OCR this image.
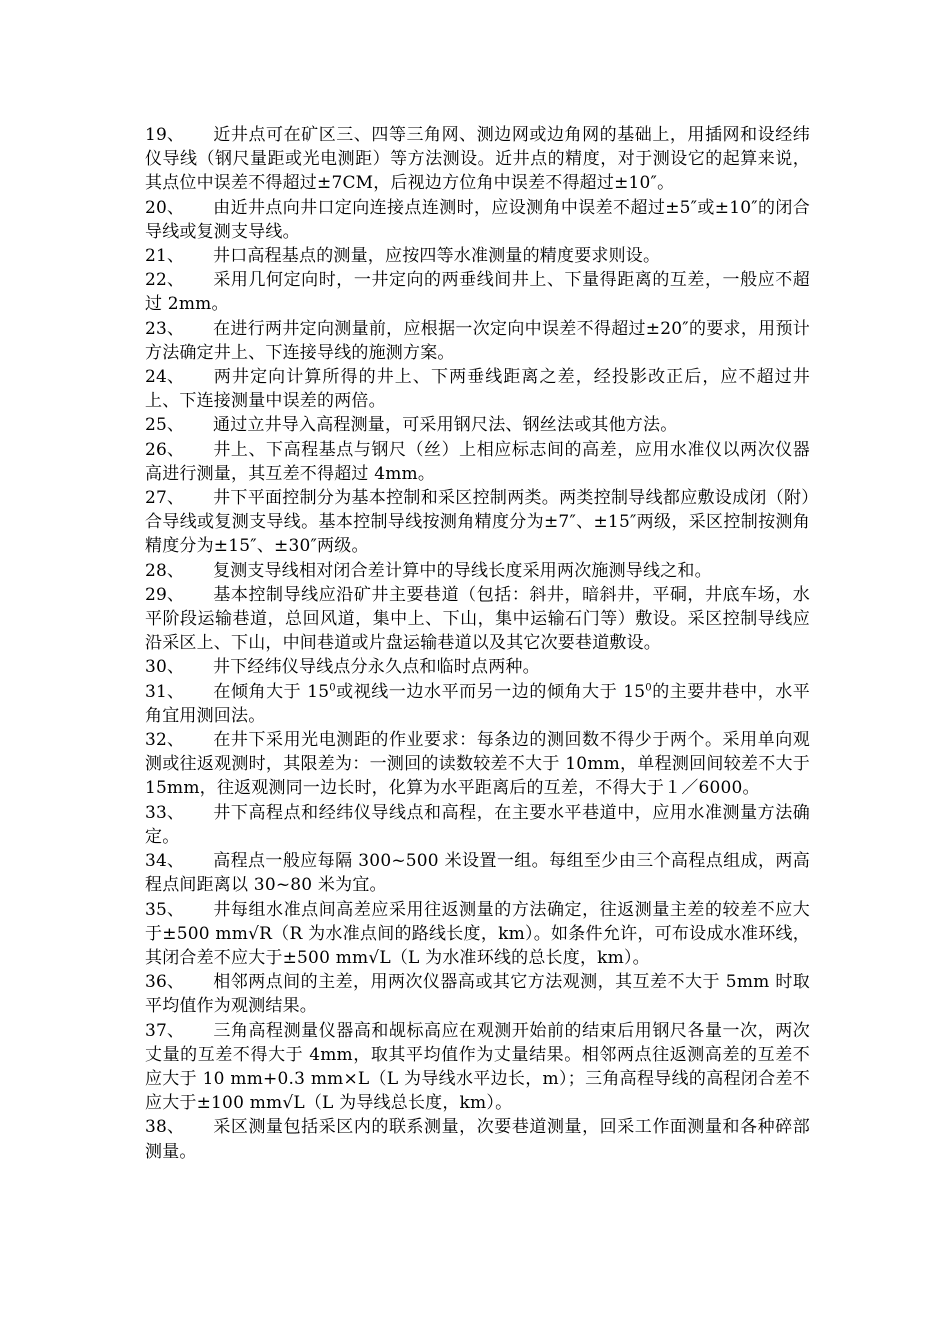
19、 近井点可在矿区三、四等三角网、测边网或边角网的基础上，用插网和设经纬仪导线（钢尺量距或光电测距）等方法测设。近井点的精度，对于测设它的起算来说，其点位中误差不得超过±7CM，后视边方位角中误差不得超过±10″。

20、 由近井点向井口定向连接点连测时，应设测角中误差不超过±5″或±10″的闭合导线或复测支导线。

21、 井口高程基点的测量，应按四等水准测量的精度要求则设。

22、 采用几何定向时，一井定向的两垂线间井上、下量得距离的互差，一般应不超过 2mm。

23、 在进行两井定向测量前，应根据一次定向中误差不得超过±20″的要求，用预计方法确定井上、下连接导线的施测方案。

24、 两井定向计算所得的井上、下两垂线距离之差，经投影改正后，应不超过井上、下连接测量中误差的两倍。

25、 通过立井导入高程测量，可采用钢尺法、钢丝法或其他方法。

26、 井上、下高程基点与钢尺（丝）上相应标志间的高差，应用水准仪以两次仪器高进行测量，其互差不得超过 4mm。

27、 井下平面控制分为基本控制和采区控制两类。两类控制导线都应敷设成闭（附）合导线或复测支导线。基本控制导线按测角精度分为±7″、±15″两级，采区控制按测角精度分为±15″、±30″两级。

28、 复测支导线相对闭合差计算中的导线长度采用两次施测导线之和。

29、 基本控制导线应沿矿井主要巷道（包括：斜井，暗斜井，平硐，井底车场，水平阶段运输巷道，总回风道，集中上、下山，集中运输石门等）敷设。采区控制导线应沿采区上、下山，中间巷道或片盘运输巷道以及其它次要巷道敷设。

30、 井下经纬仪导线点分永久点和临时点两种。

31、 在倾角大于 $15^0$或视线一边水平而另一边的倾角大于 $15^0$的主要井巷中，水平角宜用测回法。

32、 在井下采用光电测距的作业要求：每条边的测回数不得少于两个。采用单向观测或往返观测时，其限差为：一测回的读数较差不大于 10mm，单程测回间较差不大于 15mm，往返观测同一边长时，化算为水平距离后的互差，不得大于１／6000。

33、 井下高程点和经纬仪导线点和高程，在主要水平巷道中，应用水准测量方法确定。

34、 高程点一般应每隔 300~500 米设置一组。每组至少由三个高程点组成，两高程点间距离以 30~80 米为宜。

35、 井每组水准点间高差应采用往返测量的方法确定，往返测量主差的较差不应大于±500 mm√R（R 为水准点间的路线长度，km）。如条件允许，可布设成水准环线，其闭合差不应大于±500 mm√L（L 为水准环线的总长度，km）。

36、 相邻两点间的主差，用两次仪器高或其它方法观测，其互差不大于 5mm 时取平均值作为观测结果。

37、 三角高程测量仪器高和觇标高应在观测开始前的结束后用钢尺各量一次，两次丈量的互差不得大于 4mm，取其平均值作为丈量结果。相邻两点往返测高差的互差不应大于 10 mm+0.3 mm×L（L 为导线水平边长，m）；三角高程导线的高程闭合差不应大于±100 mm√L（L 为导线总长度，km）。

38、 采区测量包括采区内的联系测量，次要巷道测量，回采工作面测量和各种碎部测量。
